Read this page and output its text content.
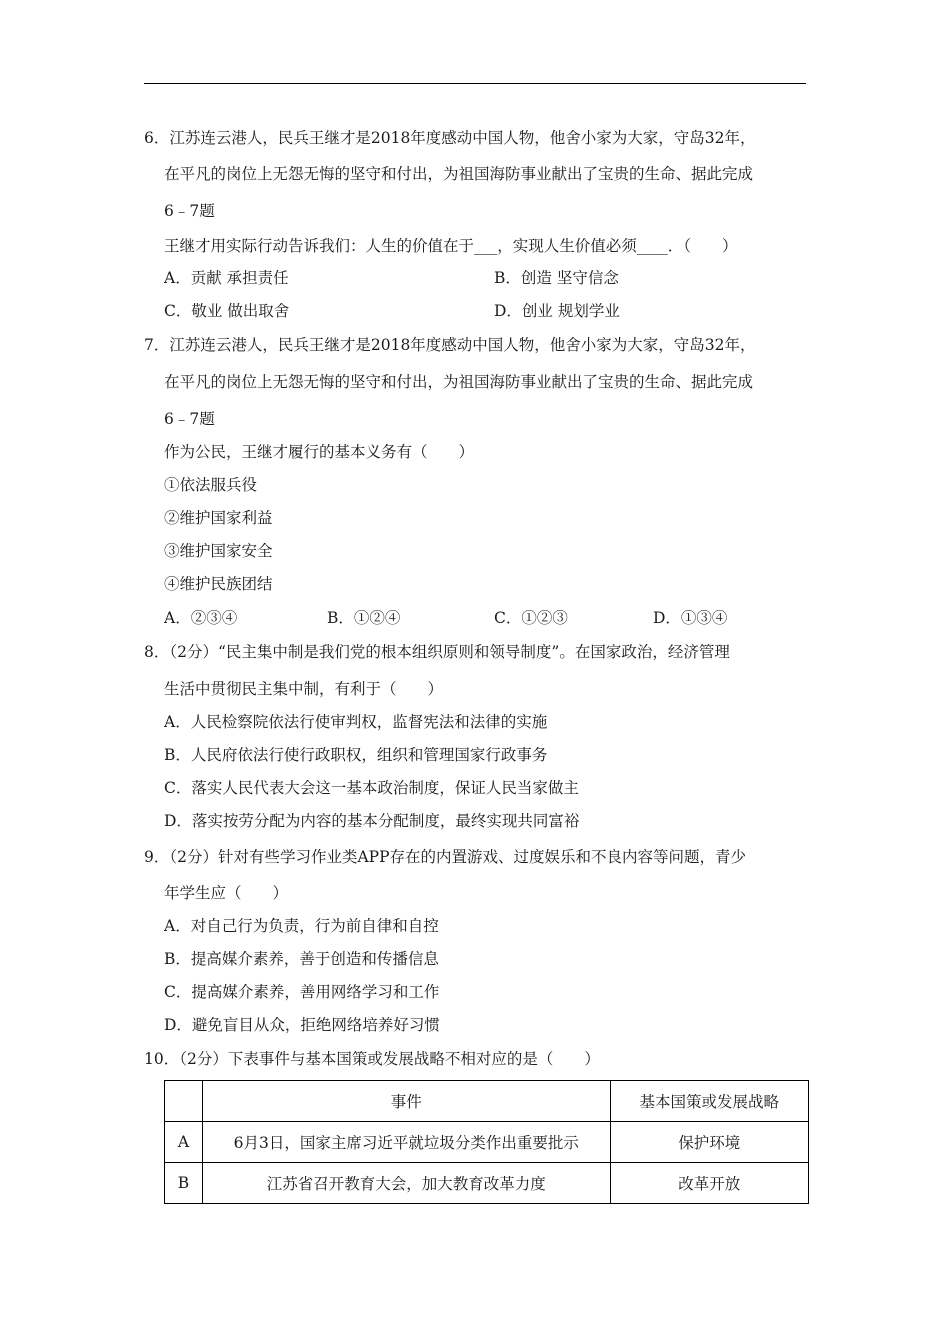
6．江苏连云港人，民兵王继才是2018年度感动中国人物，他舍小家为大家，守岛32年，
在平凡的岗位上无怨无悔的坚守和付出，为祖国海防事业献出了宝贵的生命、据此完成
6﹣7题
王继才用实际行动告诉我们：人生的价值在于___，实现人生价值必须____．（　　）
A．贡献 承担责任	B．创造 坚守信念
C．敬业 做出取舍	D．创业 规划学业
7．江苏连云港人，民兵王继才是2018年度感动中国人物，他舍小家为大家，守岛32年，
在平凡的岗位上无怨无悔的坚守和付出，为祖国海防事业献出了宝贵的生命、据此完成
6﹣7题
作为公民，王继才履行的基本义务有（　　）
①依法服兵役
②维护国家利益
③维护国家安全
④维护民族团结
A．②③④	B．①②④	C．①②③	D．①③④
8．（2分）“民主集中制是我们党的根本组织原则和领导制度”。在国家政治，经济管理
生活中贯彻民主集中制，有利于（　　）
A．人民检察院依法行使审判权，监督宪法和法律的实施
B．人民府依法行使行政职权，组织和管理国家行政事务
C．落实人民代表大会这一基本政治制度，保证人民当家做主
D．落实按劳分配为内容的基本分配制度，最终实现共同富裕
9．（2分）针对有些学习作业类APP存在的内置游戏、过度娱乐和不良内容等问题，青少
年学生应（　　）
A．对自己行为负责，行为前自律和自控
B．提高媒介素养，善于创造和传播信息
C．提高媒介素养，善用网络学习和工作
D．避免盲目从众，拒绝网络培养好习惯
10．（2分）下表事件与基本国策或发展战略不相对应的是（　　）
	事件	基本国策或发展战略
A	6月3日，国家主席习近平就垃圾分类作出重要批示	保护环境
B	江苏省召开教育大会，加大教育改革力度	改革开放
